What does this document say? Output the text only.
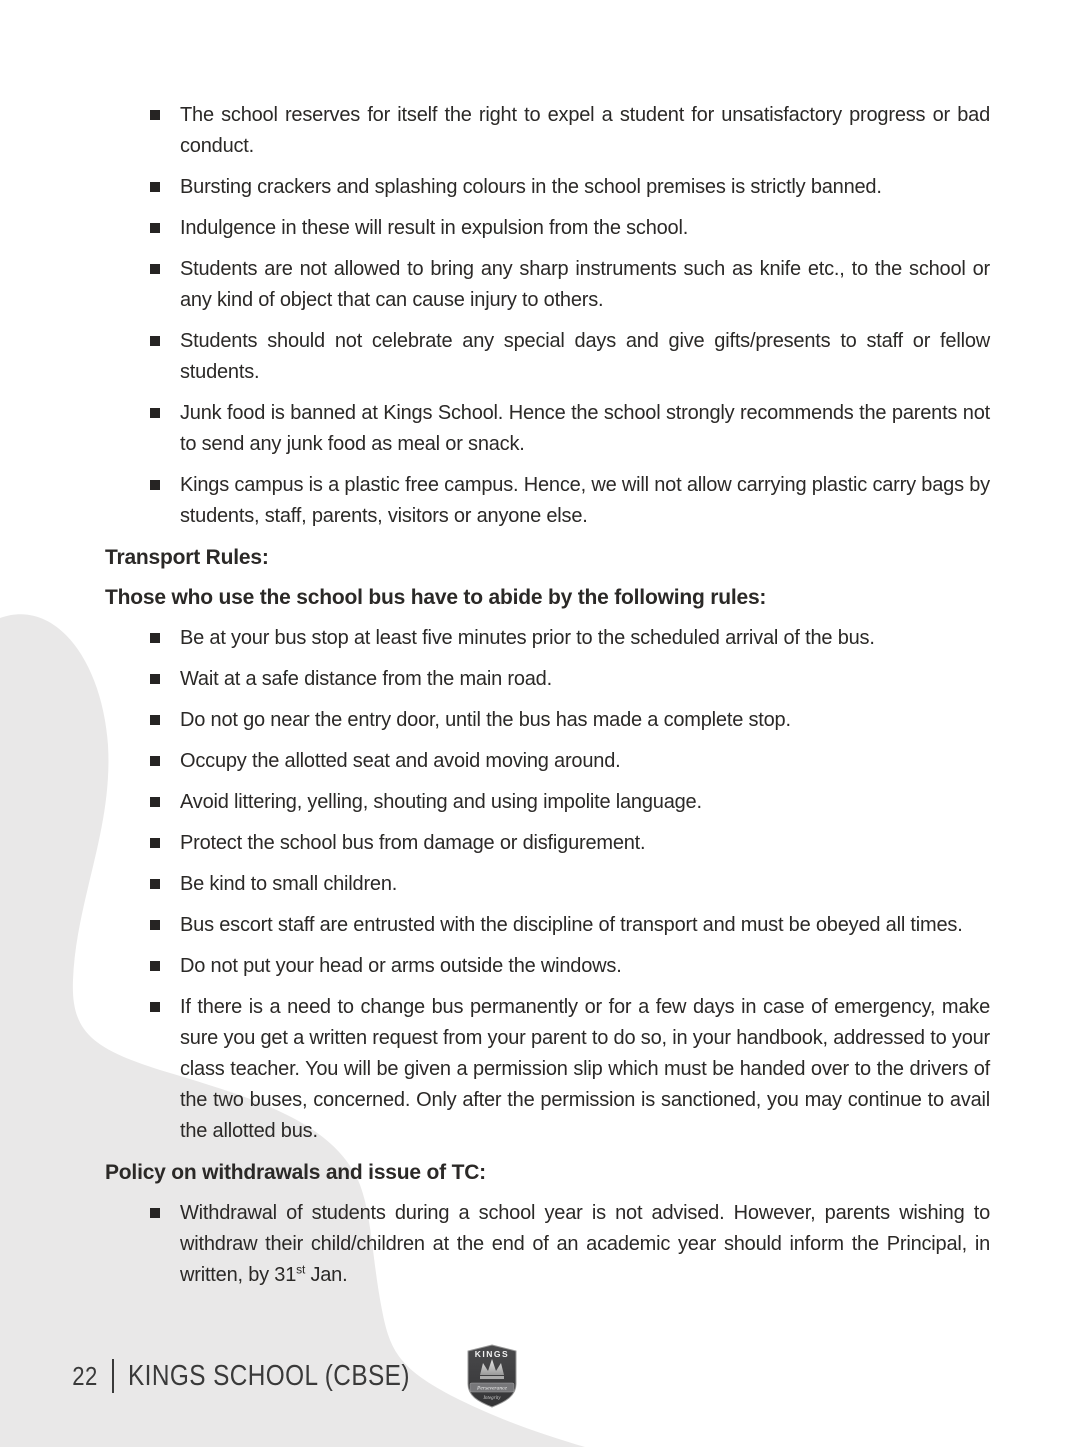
The school reserves for itself the right to expel a student for unsatisfactory progress or bad conduct.

Bursting crackers and splashing colours in the school premises is strictly banned.

Indulgence in these will result in expulsion from the school.

Students are not allowed to bring any sharp instruments such as knife etc., to the school or any kind of object that can cause injury to others.

Students should not celebrate any special days and give gifts/presents to staff or fellow students.

Junk food is banned at Kings School. Hence the school strongly recommends the parents not to send any junk food as meal or snack.

Kings campus is a plastic free campus. Hence, we will not allow carrying plastic carry bags by students, staff, parents, visitors or anyone else.

Transport Rules:
Those who use the school bus have to abide by the following rules:

Be at your bus stop at least five minutes prior to the scheduled arrival of the bus.

Wait at a safe distance from the main road.

Do not go near the entry door, until the bus has made a complete stop.

Occupy the allotted seat and avoid moving around.

Avoid littering, yelling, shouting and using impolite language.

Protect the school bus from damage or disfigurement.

Be kind to small children.

Bus escort staff are entrusted with the discipline of transport and must be obeyed all times.

Do not put your head or arms outside the windows.

If there is a need to change bus permanently or for a few days in case of emergency, make sure you get a written request from your parent to do so, in your handbook, addressed to your class teacher. You will be given a permission slip which must be handed over to the drivers of the two buses, concerned. Only after the permission is sanctioned, you may continue to avail the allotted bus.

Policy on withdrawals and issue of TC:

Withdrawal of students during a school year is not advised. However, parents wishing to withdraw their child/children at the end of an academic year should inform the Principal, in written, by 31st Jan.

22 KINGS SCHOOL (CBSE)
KINGS
Perseverance
Integrity
